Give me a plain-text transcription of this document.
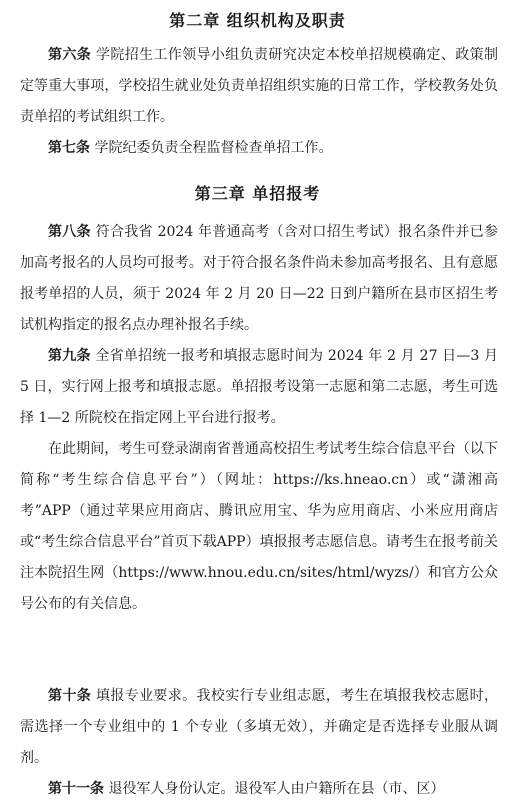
第二章 组织机构及职责

第六条 学院招生工作领导小组负责研究决定本校单招规模确定、政策制定等重大事项，学校招生就业处负责单招组织实施的日常工作，学校教务处负责单招的考试组织工作。

第七条 学院纪委负责全程监督检查单招工作。

第三章 单招报考

第八条 符合我省 2024 年普通高考（含对口招生考试）报名条件并已参加高考报名的人员均可报考。对于符合报名条件尚未参加高考报名、且有意愿报考单招的人员，须于 2024 年 2 月 20 日—22 日到户籍所在县市区招生考试机构指定的报名点办理补报名手续。

第九条 全省单招统一报考和填报志愿时间为 2024 年 2 月 27 日—3 月 5 日，实行网上报考和填报志愿。单招报考设第一志愿和第二志愿，考生可选择 1—2 所院校在指定网上平台进行报考。

在此期间，考生可登录湖南省普通高校招生考试考生综合信息平台（以下简称“考生综合信息平台”）（网址：https://ks.hneao.cn）或“潇湘高考”APP（通过苹果应用商店、腾讯应用宝、华为应用商店、小米应用商店或“考生综合信息平台”首页下载APP）填报报考志愿信息。请考生在报考前关注本院招生网（https://www.hnou.edu.cn/sites/html/wyzs/）和官方公众号公布的有关信息。

第十条 填报专业要求。我校实行专业组志愿，考生在填报我校志愿时，需选择一个专业组中的 1 个专业（多填无效），并确定是否选择专业服从调剂。

第十一条 退役军人身份认定。退役军人由户籍所在县（市、区）
